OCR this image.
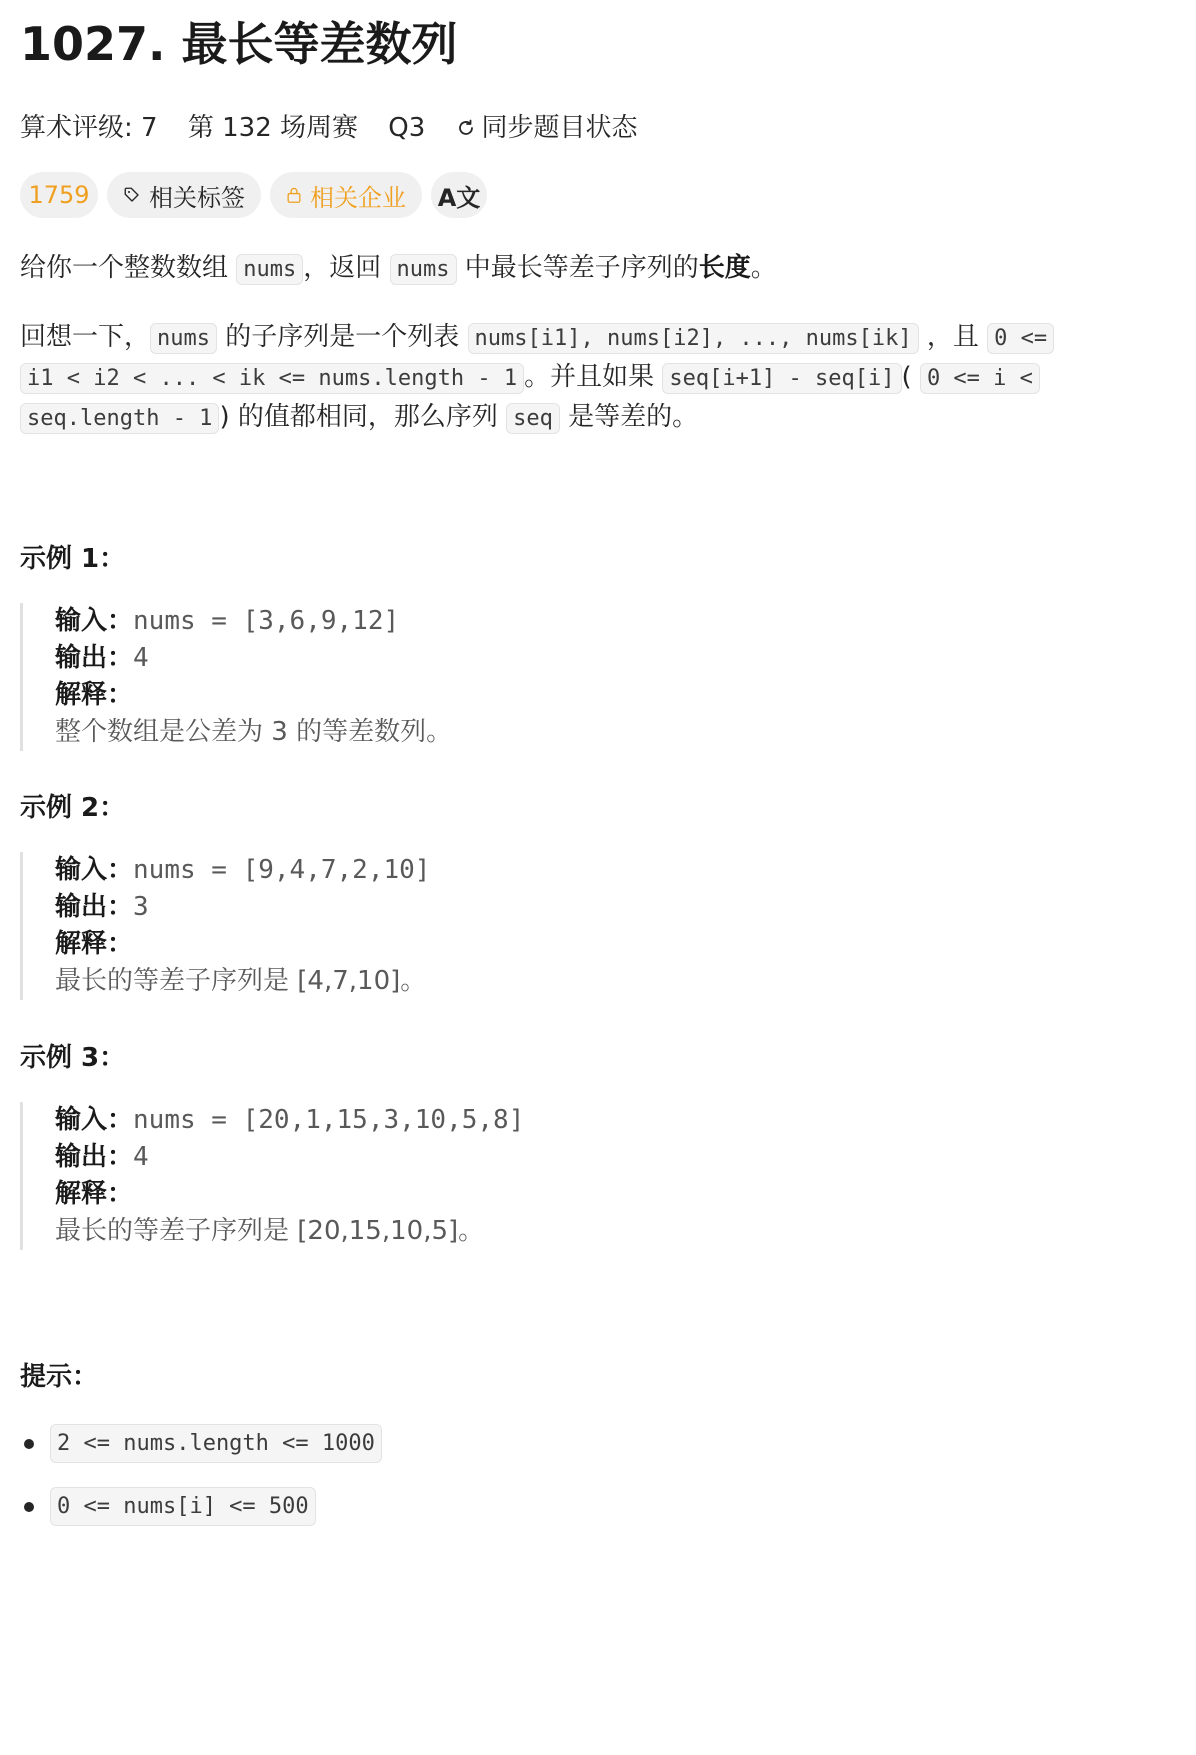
1027. 最长等差数列
算术评级: 7 第 132 场周赛 Q3 同步题目状态
1759	相关标签	相关企业 A文
给你一个整数数组 nums ，返回 nums 中最长等差子序列的长度。
回想一下， nums 的子序列是一个列表 nums[i1], nums[i2], ..., nums[ik] ，且 0 <=
i1 < i2 < ... < ik <= nums.length - 1 。并且如果 seq[i+1] - seq[i] ( 0 <= i <
seq.length - 1 ) 的值都相同，那么序列 seq 是等差的。
示例 1：
输入：nums = [3,6,9,12]
输出：4
解释：
整个数组是公差为 3 的等差数列。
示例 2：
输入：nums = [9,4,7,2,10]
输出：3
解释：
最长的等差子序列是 [4,7,10]。
示例 3：
输入：nums = [20,1,15,3,10,5,8]
输出：4
解释：
最长的等差子序列是 [20,15,10,5]。
提示：
2 <= nums.length <= 1000
0 <= nums[i] <= 500
